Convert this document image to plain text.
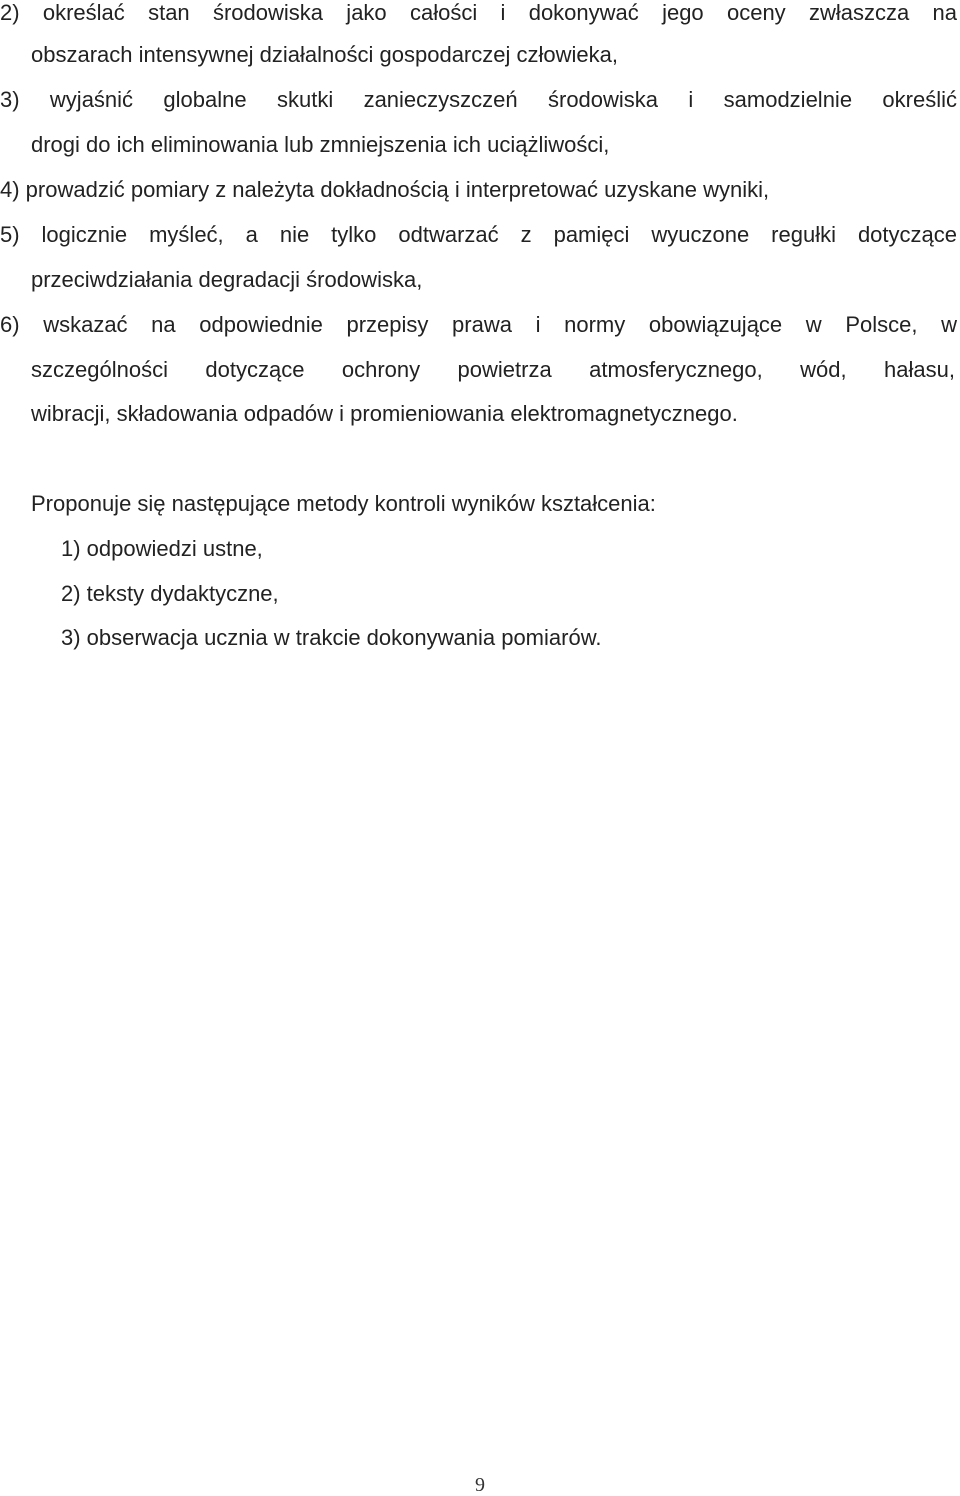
2) określać stan środowiska jako całości i dokonywać jego oceny zwłaszcza na
obszarach intensywnej działalności gospodarczej człowieka,
3) wyjaśnić globalne skutki zanieczyszczeń środowiska i samodzielnie określić
drogi do ich eliminowania lub zmniejszenia ich uciążliwości,
4) prowadzić pomiary z należyta dokładnością i interpretować uzyskane wyniki,
5) logicznie myśleć, a nie tylko odtwarzać z pamięci wyuczone regułki dotyczące
przeciwdziałania degradacji środowiska,
6) wskazać na odpowiednie przepisy prawa i normy obowiązujące w Polsce, w
szczególności dotyczące ochrony powietrza atmosferycznego, wód, hałasu,
wibracji, składowania odpadów i promieniowania elektromagnetycznego.
Proponuje się następujące metody kontroli wyników kształcenia:
1) odpowiedzi ustne,
2) teksty dydaktyczne,
3) obserwacja ucznia w trakcie dokonywania pomiarów.
9
